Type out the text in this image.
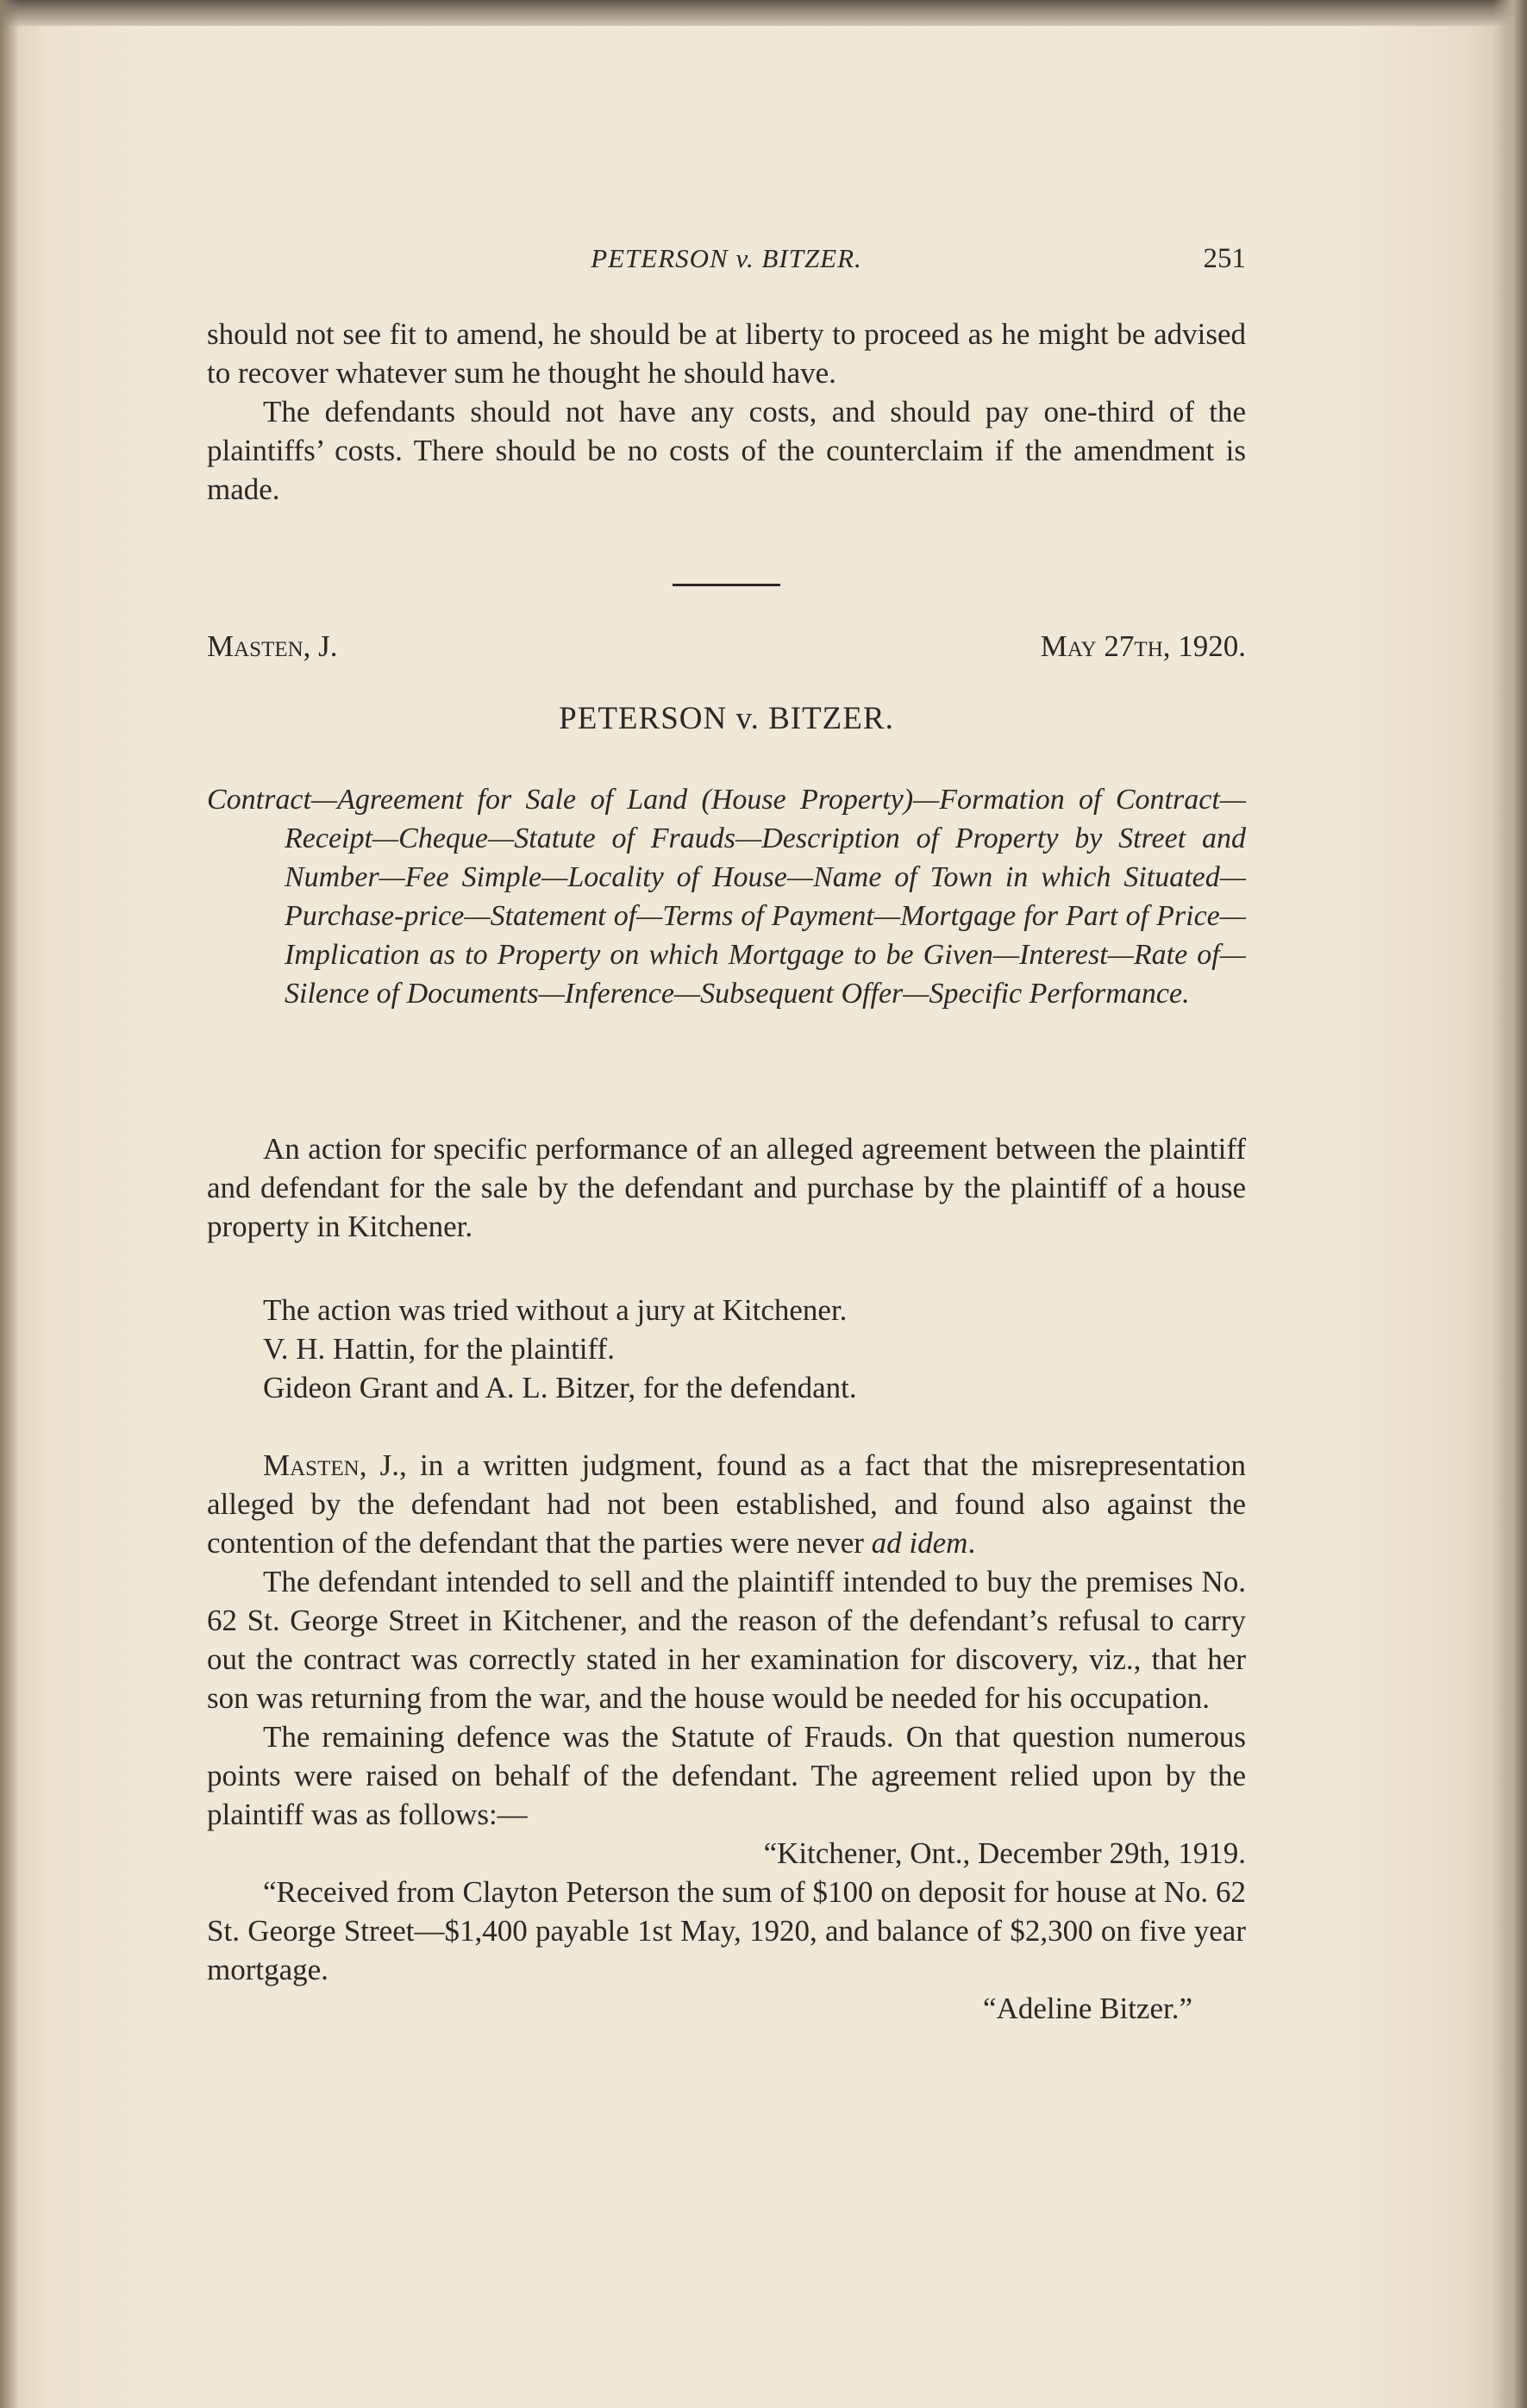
PETERSON v. BITZER.	251

should not see fit to amend, he should be at liberty to proceed as he might be advised to recover whatever sum he thought he should have.

The defendants should not have any costs, and should pay one-third of the plaintiffs’ costs. There should be no costs of the counterclaim if the amendment is made.

Masten, J.	May 27th, 1920.
PETERSON v. BITZER.
Contract—Agreement for Sale of Land (House Property)—Formation of Contract—Receipt—Cheque—Statute of Frauds—Description of Property by Street and Number—Fee Simple—Locality of House—Name of Town in which Situated—Purchase-price—Statement of—Terms of Payment—Mortgage for Part of Price—Implication as to Property on which Mortgage to be Given—Interest—Rate of—Silence of Documents—Inference—Subsequent Offer—Specific Performance.

An action for specific performance of an alleged agreement between the plaintiff and defendant for the sale by the defendant and purchase by the plaintiff of a house property in Kitchener.

The action was tried without a jury at Kitchener.

V. H. Hattin, for the plaintiff.

Gideon Grant and A. L. Bitzer, for the defendant.

Masten, J., in a written judgment, found as a fact that the misrepresentation alleged by the defendant had not been established, and found also against the contention of the defendant that the parties were never ad idem.

The defendant intended to sell and the plaintiff intended to buy the premises No. 62 St. George Street in Kitchener, and the reason of the defendant’s refusal to carry out the contract was correctly stated in her examination for discovery, viz., that her son was returning from the war, and the house would be needed for his occupation.

The remaining defence was the Statute of Frauds. On that question numerous points were raised on behalf of the defendant. The agreement relied upon by the plaintiff was as follows:—

“Kitchener, Ont., December 29th, 1919.

“Received from Clayton Peterson the sum of $100 on deposit for house at No. 62 St. George Street—$1,400 payable 1st May, 1920, and balance of $2,300 on five year mortgage.

“Adeline Bitzer.”
